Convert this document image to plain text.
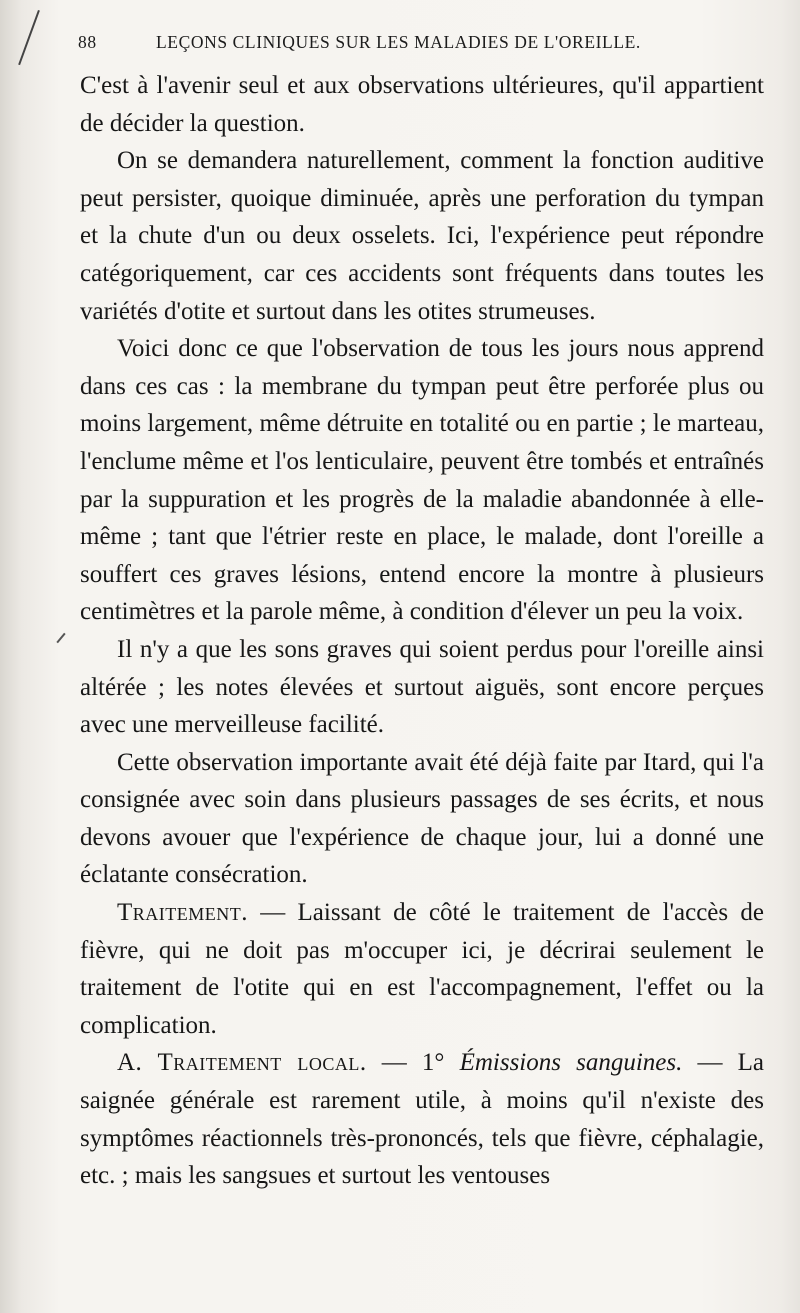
88	LEÇONS CLINIQUES SUR LES MALADIES DE L'OREILLE.

C'est à l'avenir seul et aux observations ultérieures, qu'il appartient de décider la question.

On se demandera naturellement, comment la fonction auditive peut persister, quoique diminuée, après une perforation du tympan et la chute d'un ou deux osselets. Ici, l'expérience peut répondre catégoriquement, car ces accidents sont fréquents dans toutes les variétés d'otite et surtout dans les otites strumeuses.

Voici donc ce que l'observation de tous les jours nous apprend dans ces cas : la membrane du tympan peut être perforée plus ou moins largement, même détruite en totalité ou en partie ; le marteau, l'enclume même et l'os lenticulaire, peuvent être tombés et entraînés par la suppuration et les progrès de la maladie abandonnée à elle-même ; tant que l'étrier reste en place, le malade, dont l'oreille a souffert ces graves lésions, entend encore la montre à plusieurs centimètres et la parole même, à condition d'élever un peu la voix.

Il n'y a que les sons graves qui soient perdus pour l'oreille ainsi altérée ; les notes élevées et surtout aiguës, sont encore perçues avec une merveilleuse facilité.

Cette observation importante avait été déjà faite par Itard, qui l'a consignée avec soin dans plusieurs passages de ses écrits, et nous devons avouer que l'expérience de chaque jour, lui a donné une éclatante consécration.

Traitement. — Laissant de côté le traitement de l'accès de fièvre, qui ne doit pas m'occuper ici, je décrirai seulement le traitement de l'otite qui en est l'accompagnement, l'effet ou la complication.

A. Traitement local. — 1° Émissions sanguines. — La saignée générale est rarement utile, à moins qu'il n'existe des symptômes réactionnels très-prononcés, tels que fièvre, céphalagie, etc. ; mais les sangsues et surtout les ventouses
